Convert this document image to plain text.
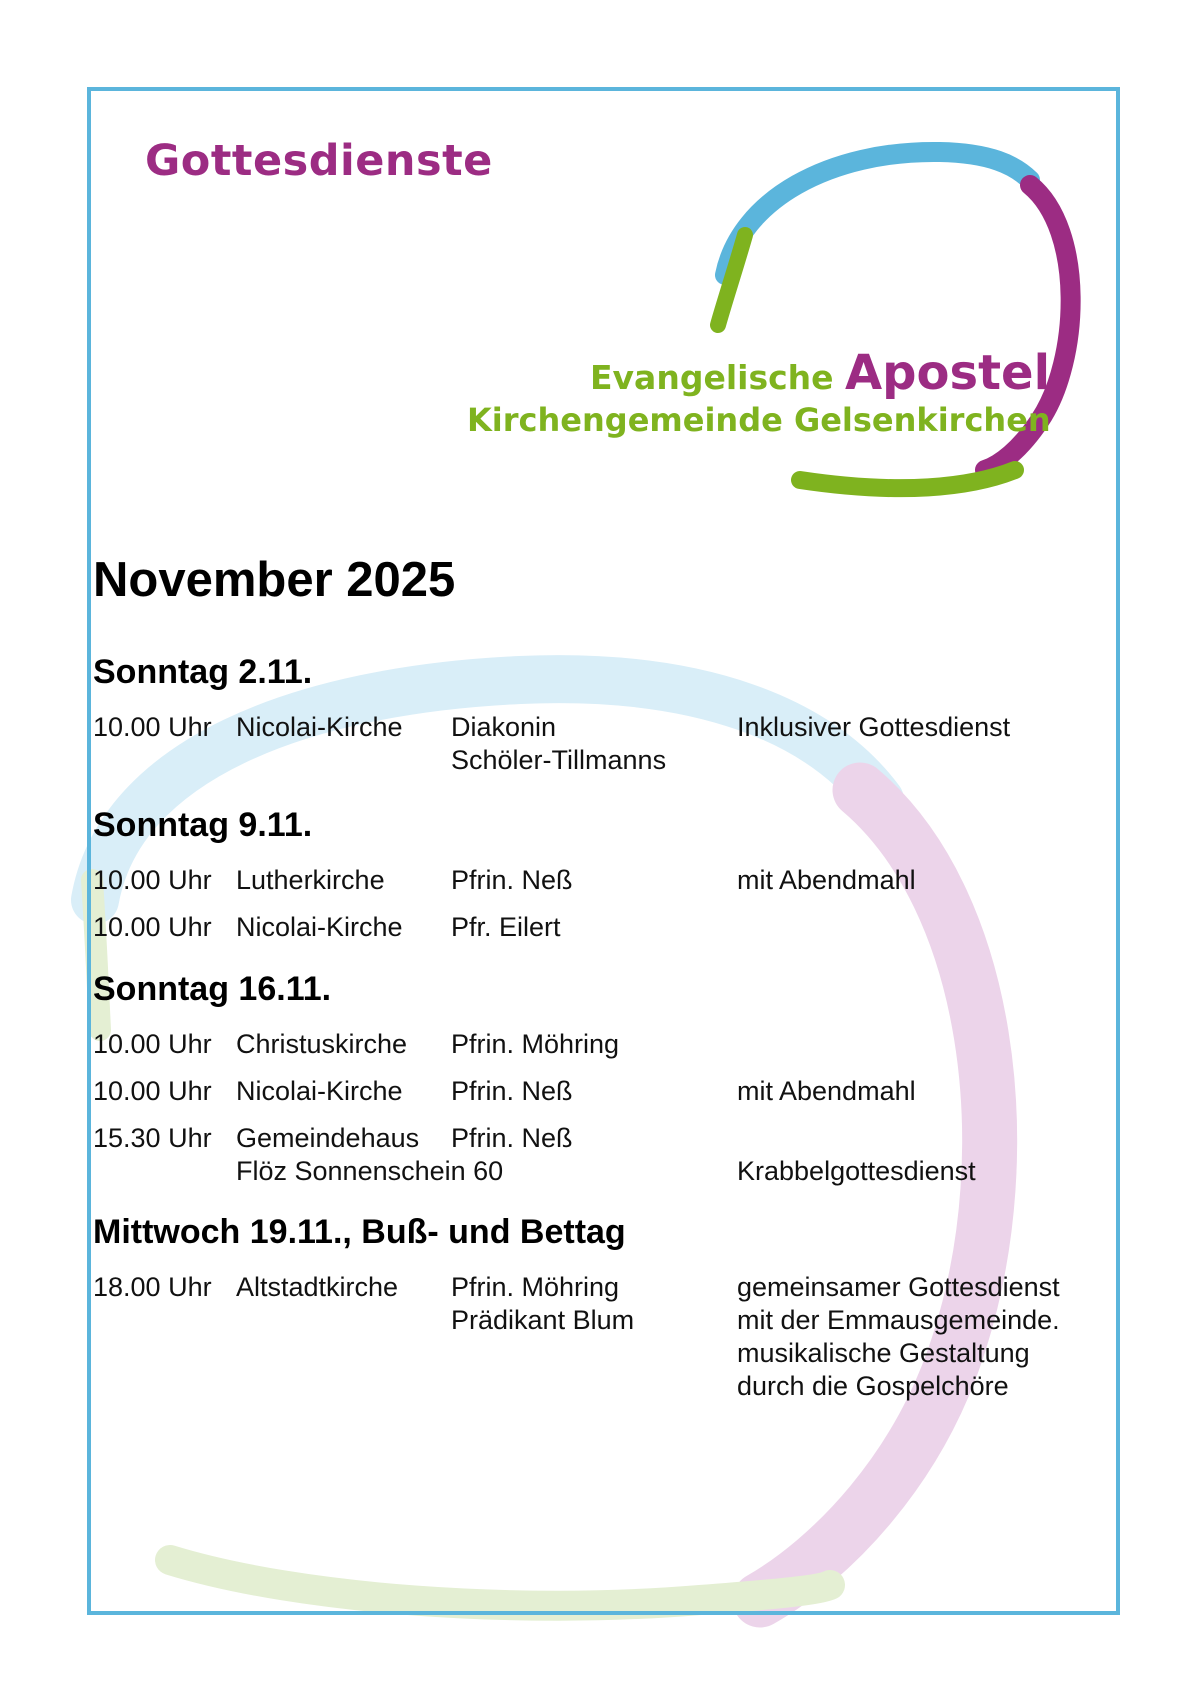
Gottesdienste
Evangelische Apostel
Kirchengemeinde Gelsenkirchen
November 2025
Sonntag 2.11.
10.00 Uhr Nicolai-Kirche Diakonin
Schöler-Tillmanns
Inklusiver Gottesdienst
Sonntag 9.11.
10.00 Uhr Lutherkirche Pfrin. Neß	mit Abendmahl
10.00 Uhr Nicolai-Kirche Pfr. Eilert
Sonntag 16.11.
10.00 Uhr Christuskirche Pfrin. Möhring
10.00 Uhr Nicolai-Kirche Pfrin. Neß	mit Abendmahl
15.30 Uhr Gemeindehaus
Flöz Sonnenschein 60
Pfrin. Neß

Krabbelgottesdienst
Mittwoch 19.11., Buß- und Bettag
18.00 Uhr Altstadtkirche Pfrin. Möhring
Prädikant Blum
gemeinsamer Gottesdienst
mit der Emmausgemeinde.
musikalische Gestaltung
durch die Gospelchöre
